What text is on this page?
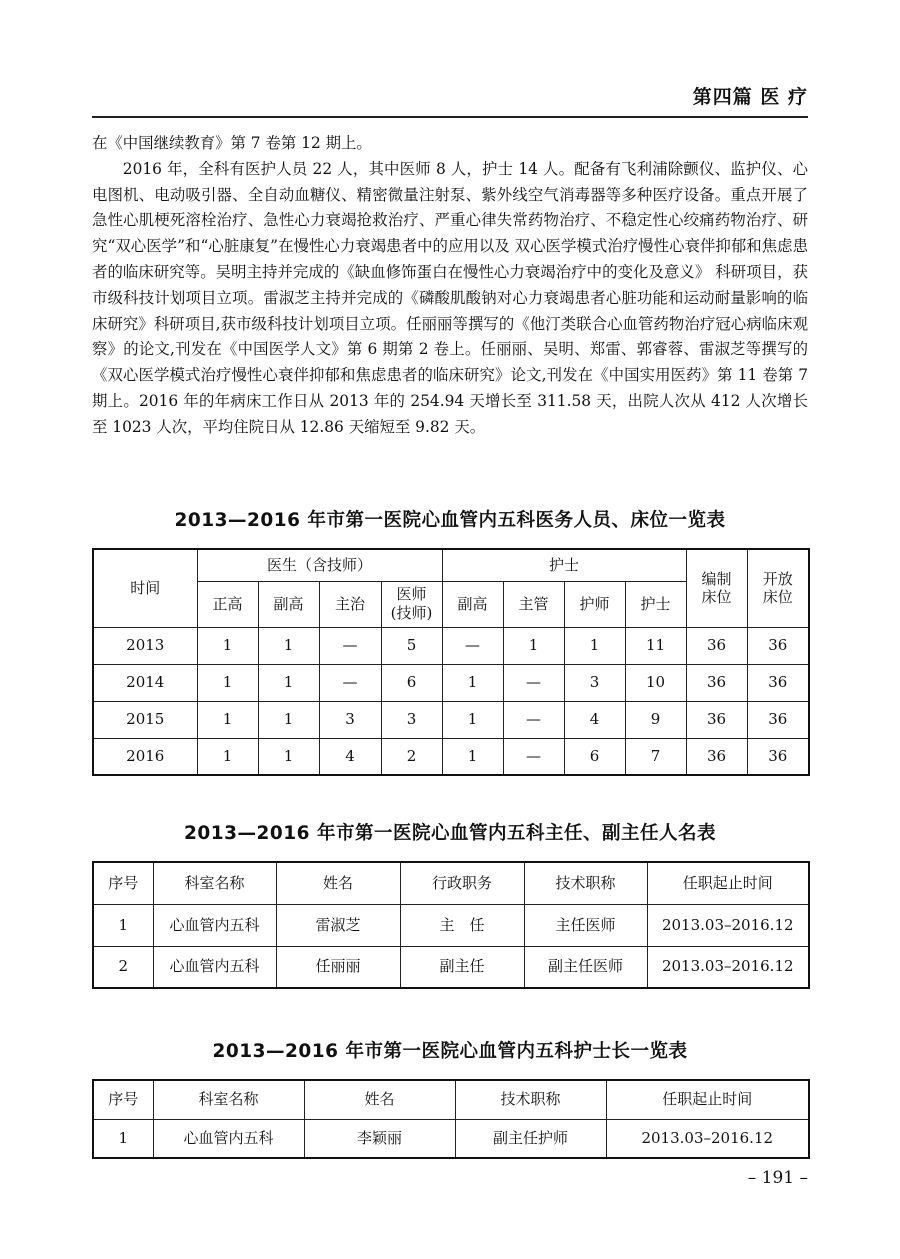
第四篇 医 疗

在《中国继续教育》第 7 卷第 12 期上。

2016 年，全科有医护人员 22 人，其中医师 8 人，护士 14 人。配备有飞利浦除颤仪、监护仪、心电图机、电动吸引器、全自动血糖仪、精密微量注射泵、紫外线空气消毒器等多种医疗设备。重点开展了急性心肌梗死溶栓治疗、急性心力衰竭抢救治疗、严重心律失常药物治疗、不稳定性心绞痛药物治疗、研究“双心医学”和“心脏康复”在慢性心力衰竭患者中的应用以及 双心医学模式治疗慢性心衰伴抑郁和焦虑患者的临床研究等。吴明主持并完成的《缺血修饰蛋白在慢性心力衰竭治疗中的变化及意义》 科研项目，获市级科技计划项目立项。雷淑芝主持并完成的《磷酸肌酸钠对心力衰竭患者心脏功能和运动耐量影响的临床研究》科研项目,获市级科技计划项目立项。任丽丽等撰写的《他汀类联合心血管药物治疗冠心病临床观察》的论文,刊发在《中国医学人文》第 6 期第 2 卷上。任丽丽、吴明、郑雷、郭睿蓉、雷淑芝等撰写的《双心医学模式治疗慢性心衰伴抑郁和焦虑患者的临床研究》论文,刊发在《中国实用医药》第 11 卷第 7 期上。2016 年的年病床工作日从 2013 年的 254.94 天增长至 311.58 天，出院人次从 412 人次增长至 1023 人次，平均住院日从 12.86 天缩短至 9.82 天。

2013—2016 年市第一医院心血管内五科医务人员、床位一览表
时间	医生（含技师）				护士				编制床位	开放床位
	正高	副高	主治	医师(技师)	副高	主管	护师	护士		
2013	1	1	—	5	—	1	1	11	36	36
2014	1	1	—	6	1	—	3	10	36	36
2015	1	1	3	3	1	—	4	9	36	36
2016	1	1	4	2	1	—	6	7	36	36
2013—2016 年市第一医院心血管内五科主任、副主任人名表
序号	科室名称	姓名	行政职务	技术职称	任职起止时间
1	心血管内五科	雷淑芝	主　任	主任医师	2013.03–2016.12
2	心血管内五科	任丽丽	副主任	副主任医师	2013.03–2016.12
2013—2016 年市第一医院心血管内五科护士长一览表
序号	科室名称	姓名	技术职称	任职起止时间
1	心血管内五科	李颖丽	副主任护师	2013.03–2016.12
– 191 –
